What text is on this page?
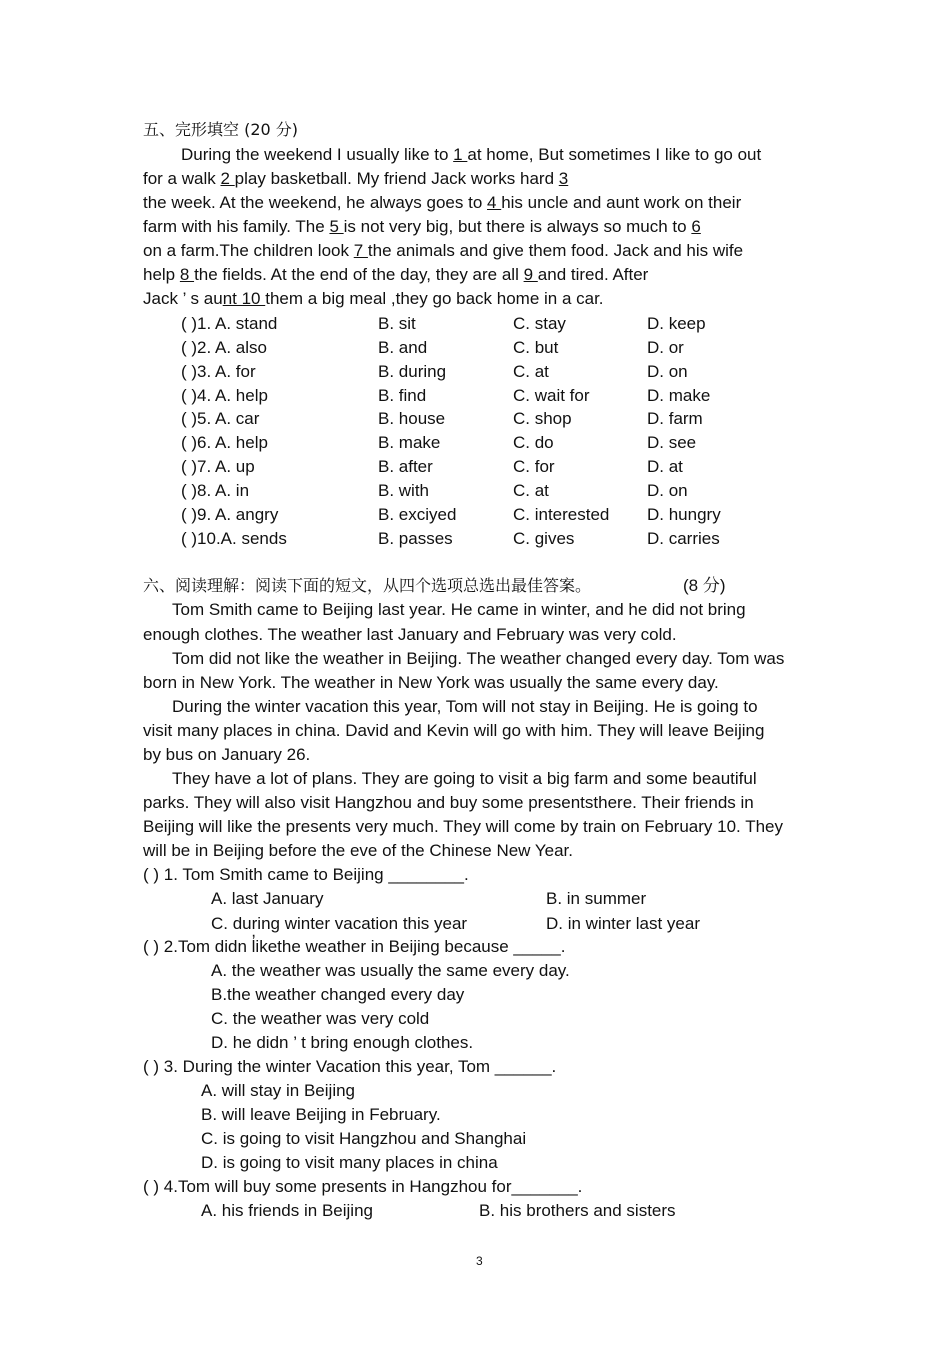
五、完形填空 (20 分)
During the weekend I usually like to 1 at home, But sometimes I like to go out
for a walk 2 play basketball. My friend Jack works hard 3
the week. At the weekend, he always goes to 4 his uncle and aunt work on their
farm with his family. The 5 is not very big, but there is always so much to 6
on a farm.The children look 7 the animals and give them food. Jack and his wife
help 8 the fields. At the end of the day, they are all 9 and tired. After
Jack ’ s aunt 10 them a big meal ,they go back home in a car.
( )1. A. stand	B. sit	C. stay	D. keep
( )2. A. also	B. and	C. but	D. or
( )3. A. for	B. during	C. at	D. on
( )4. A. help	B. find	C. wait for	D. make
( )5. A. car	B. house	C. shop	D. farm
( )6. A. help	B. make	C. do	D. see
( )7. A. up	B. after	C. for	D. at
( )8. A. in	B. with	C. at	D. on
( )9. A. angry	B. exciyed	C. interested D. hungry
( )10.A. sends	B. passes	C. gives	D. carries
六、阅读理解：阅读下面的短文，从四个选项总选出最佳答案。	(8 分)
Tom Smith came to Beijing last year. He came in winter, and he did not bring
enough clothes. The weather last January and February was very cold.
Tom did not like the weather in Beijing. The weather changed every day. Tom was
born in New York. The weather in New York was usually the same every day.
During the winter vacation this year, Tom will not stay in Beijing. He is going to
visit many places in china. David and Kevin will go with him. They will leave Beijing
by bus on January 26.
They have a lot of plans. They are going to visit a big farm and some beautiful
parks. They will also visit Hangzhou and buy some presentsthere. Their friends in
Beijing will like the presents very much. They will come by train on February 10. They
will be in Beijing before the eve of the Chinese New Year.
( ) 1. Tom Smith came to Beijing ________.
A. last January	B. in summer
C. during winter vacation this year	D. in winter last year
( ) 2.Tom didn l̓ikethe weather in Beijing because _____.
A. the weather was usually the same every day.
B.the weather changed every day
C. the weather was very cold
D. he didn ’ t bring enough clothes.
( ) 3. During the winter Vacation this year, Tom ______.
A. will stay in Beijing
B. will leave Beijing in February.
C. is going to visit Hangzhou and Shanghai
D. is going to visit many places in china
( ) 4.Tom will buy some presents in Hangzhou for_______.
A. his friends in Beijing	B. his brothers and sisters
3
